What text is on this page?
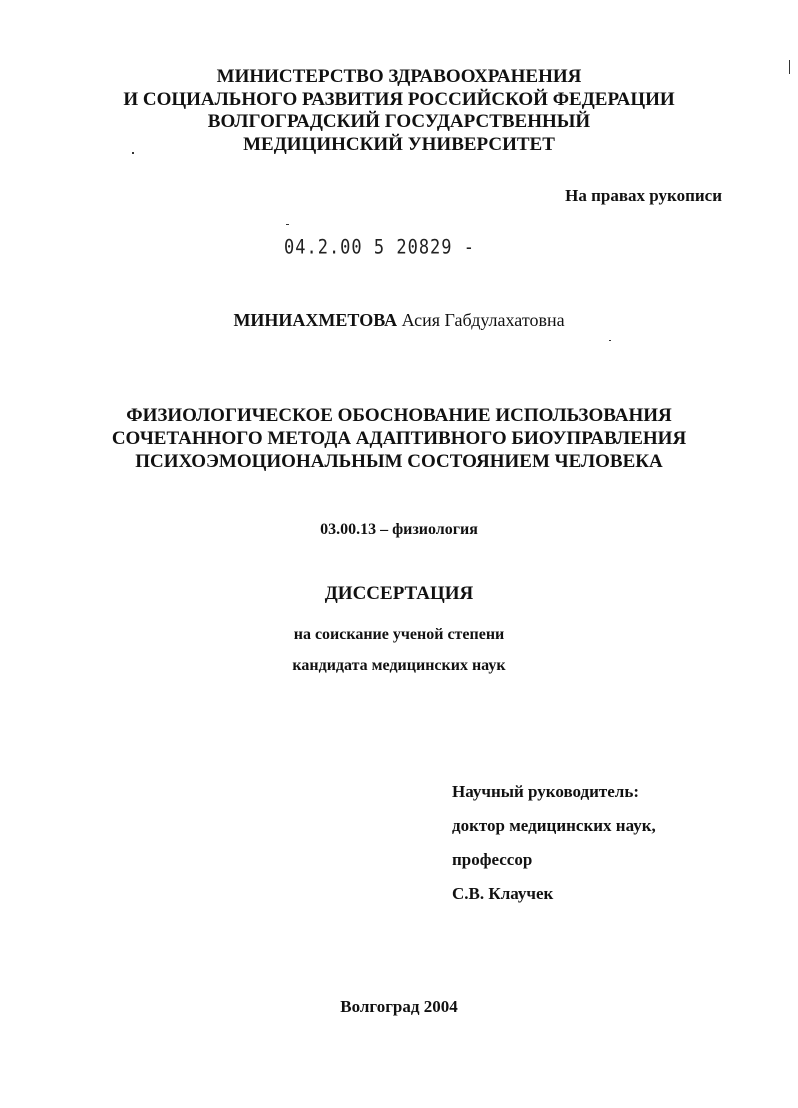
МИНИСТЕРСТВО ЗДРАВООХРАНЕНИЯ
И СОЦИАЛЬНОГО РАЗВИТИЯ РОССИЙСКОЙ ФЕДЕРАЦИИ
ВОЛГОГРАДСКИЙ ГОСУДАРСТВЕННЫЙ
МЕДИЦИНСКИЙ УНИВЕРСИТЕТ
На правах рукописи
04.2.00 5 20829 -
МИНИАХМЕТОВА Асия Габдулахатовна
ФИЗИОЛОГИЧЕСКОЕ ОБОСНОВАНИЕ ИСПОЛЬЗОВАНИЯ
СОЧЕТАННОГО МЕТОДА АДАПТИВНОГО БИОУПРАВЛЕНИЯ
ПСИХОЭМОЦИОНАЛЬНЫМ СОСТОЯНИЕМ ЧЕЛОВЕКА
03.00.13 – физиология
ДИССЕРТАЦИЯ
на соискание ученой степени
кандидата медицинских наук
Научный руководитель:
доктор медицинских наук,
профессор
С.В. Клаучек
Волгоград 2004
